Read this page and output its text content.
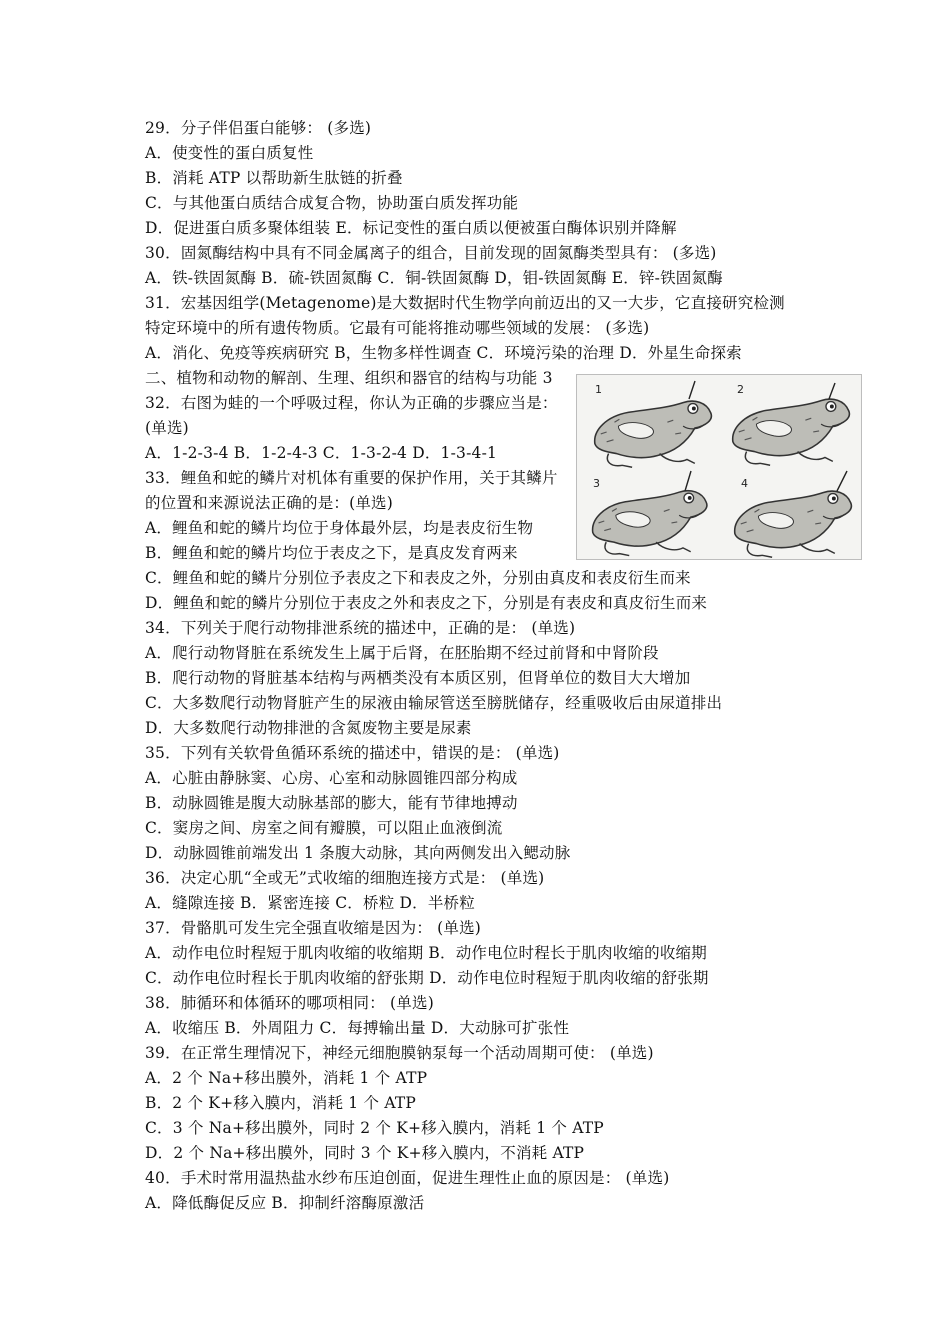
29．分子伴侣蛋白能够： (多选)
A．使变性的蛋白质复性
B．消耗 ATP 以帮助新生肽链的折叠
C．与其他蛋白质结合成复合物，协助蛋白质发挥功能
D．促进蛋白质多聚体组装 E．标记变性的蛋白质以便被蛋白酶体识别并降解
30．固氮酶结构中具有不同金属离子的组合，目前发现的固氮酶类型具有： (多选)
A．铁-铁固氮酶 B．硫-铁固氮酶 C．铜-铁固氮酶 D，钼-铁固氮酶 E．锌-铁固氮酶
31．宏基因组学(Metagenome)是大数据时代生物学向前迈出的又一大步，它直接研究检测
特定环境中的所有遗传物质。它最有可能将推动哪些领域的发展： (多选)
A．消化、免疫等疾病研究 B，生物多样性调查 C．环境污染的治理 D．外星生命探索
二、植物和动物的解剖、生理、组织和器官的结构与功能 3
32．右图为蛙的一个呼吸过程，你认为正确的步骤应当是：
(单选)
A．1-2-3-4 B．1-2-4-3 C．1-3-2-4 D．1-3-4-1
33．鲤鱼和蛇的鳞片对机体有重要的保护作用，关于其鳞片
的位置和来源说法正确的是：(单选)
A．鲤鱼和蛇的鳞片均位于身体最外层，均是表皮衍生物
B．鲤鱼和蛇的鳞片均位于表皮之下，是真皮发育两来
C．鲤鱼和蛇的鳞片分别位予表皮之下和表皮之外，分别由真皮和表皮衍生而来
D．鲤鱼和蛇的鳞片分别位于表皮之外和表皮之下，分别是有表皮和真皮衍生而来
34．下列关于爬行动物排泄系统的描述中，正确的是： (单选)
A．爬行动物肾脏在系统发生上属于后肾，在胚胎期不经过前肾和中肾阶段
B．爬行动物的肾脏基本结构与两栖类没有本质区别，但肾单位的数目大大增加
C．大多数爬行动物肾脏产生的尿液由输尿管送至膀胱储存，经重吸收后由尿道排出
D．大多数爬行动物排泄的含氮废物主要是尿素
35．下列有关软骨鱼循环系统的描述中，错误的是： (单选)
A．心脏由静脉窦、心房、心室和动脉圆锥四部分构成
B．动脉圆锥是腹大动脉基部的膨大，能有节律地搏动
C．窦房之间、房室之间有瓣膜，可以阻止血液倒流
D．动脉圆锥前端发出 1 条腹大动脉，其向两侧发出入鳃动脉
36．决定心肌“全或无”式收缩的细胞连接方式是： (单选)
A．缝隙连接 B．紧密连接 C．桥粒 D．半桥粒
37．骨骼肌可发生完全强直收缩是因为： (单选)
A．动作电位时程短于肌肉收缩的收缩期 B．动作电位时程长于肌肉收缩的收缩期
C．动作电位时程长于肌肉收缩的舒张期 D．动作电位时程短于肌肉收缩的舒张期
38．肺循环和体循环的哪项相同： (单选)
A．收缩压 B．外周阻力 C．每搏输出量 D．大动脉可扩张性
39．在正常生理情况下，神经元细胞膜钠泵每一个活动周期可使： (单选)
A．2 个 Na+移出膜外，消耗 1 个 ATP
B．2 个 K+移入膜内，消耗 1 个 ATP
C．3 个 Na+移出膜外，同时 2 个 K+移入膜内，消耗 1 个 ATP
D．2 个 Na+移出膜外，同时 3 个 K+移入膜内，不消耗 ATP
40．手术时常用温热盐水纱布压迫创面，促进生理性止血的原因是： (单选)
A．降低酶促反应 B．抑制纤溶酶原激活
1	2
3	4
